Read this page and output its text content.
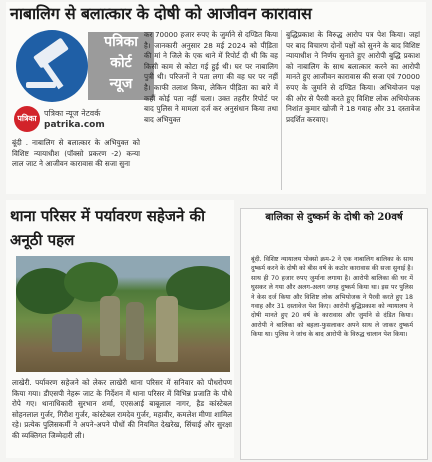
नाबालिग से बलात्कार के दोषी को आजीवन कारावास
पत्रिका
कोर्ट
न्यूज
पत्रिका
पत्रिका न्यूज नेटवर्क
patrika.com
बूंदी . नाबालिग से बलात्कार के अभियुक्त को विशिष्ट न्यायाधीश (पॉक्सो प्रकरण -2) कन्या लाल जाट ने आजीवन कारावास की सजा सुना
कर 70000 हजार रुपए के जुर्माने से दण्डित किया है। जानकारी अनुसार 28 मई 2024 को पीडि़ता की मां ने जिले के एक थाने में रिपोर्ट दी थी कि वह किसी काम से कोटा गई हुई थी। घर पर नाबालिग पुत्री थी। परिजनों ने पता लगा की वह घर पर नहीं है। काफी तलाश किया, लेकिन पीडि़ता का बारे में कहीं कोई पता नहीं चला। उक्त तहरीर रिपोर्ट पर बाद पुलिस ने मामला दर्ज कर अनुसंधान किया तथा बाद अभियुक्त
बुद्धिप्रकाश के विरुद्ध आरोप पत्र पेश किया। जहां पर बाद विचारण दोनों पक्षों को सुनने के बाद विशिष्ट न्यायाधीश ने निर्णय सुनाते हुए आरोपी बुद्धि प्रकाश को नाबालिग के साथ बलात्कार करने का आरोपी मानते हुए आजीवन कारावास की सजा एवं 70000 रुपए के जुर्माने से दण्डित किया। अभियोजन पक्ष की ओर से पैरवी करते हुए विशिष्ट लोक अभियोजक निशांत कुमार खोजी ने 18 गवाह और 31 दस्तावेज प्रदर्शित करवाए।
थाना परिसर में पर्यावरण सहेजने की अनूठी पहल
लाखेरी. पर्यावरण सहेजने को लेकर लाखेरी थाना परिसर में सनिवार को पौधरोपण किया गया। डीएसपी नेहरू जाट के निर्देशन में थाना परिसर में विभिन्न प्रजाति के पौधे रोपे गए। थानाधिकारी सुरभान शर्मा, एएसआई बाबूलाल नागर, हैड कांस्टेबल सोहनलाल गुर्जर, गिरीश गुर्जर, कांस्टेबल रामदेव गुर्जर, महावीर, कमलेश मीणा शामिल रहे। प्रत्येक पुलिसकर्मी ने अपने-अपने पौधों की नियमित देखरेख, सिंचाई और सुरक्षा की व्यक्तिगत जिम्मेदारी ली।
बालिका से दुष्कर्म के दोषी को 20वर्ष
बूंदी. विशिष्ट न्यायालय पोक्सो क्रम-2 ने एक नाबालिग बालिका के साथ दुष्कर्म करने के दोषी को बीस वर्ष के कठोर कारावास की सजा सुनाई है। साथ ही 70 हजार रुपए जुर्माना लगाया है। आरोपी बालिका की घर में घुसकर ले गया और अलग-अलग जगह दुष्कर्म किया था। इस पर पुलिस ने केस दर्ज किया और विशिष्ट लोक अभियोजक ने पैरवी करते हुए 18 गवाह और 31 दस्तावेज पेश किए। आरोपी बुद्धिप्रकाश को न्यायालय ने दोषी मानते हुए 20 वर्ष के कारावास और जुर्माने से दंडित किया। आरोपी ने बालिका को बहला-फुसलाकर अपने साथ ले जाकर दुष्कर्म किया था। पुलिस ने जांच के बाद आरोपी के विरुद्ध चालान पेश किया।
